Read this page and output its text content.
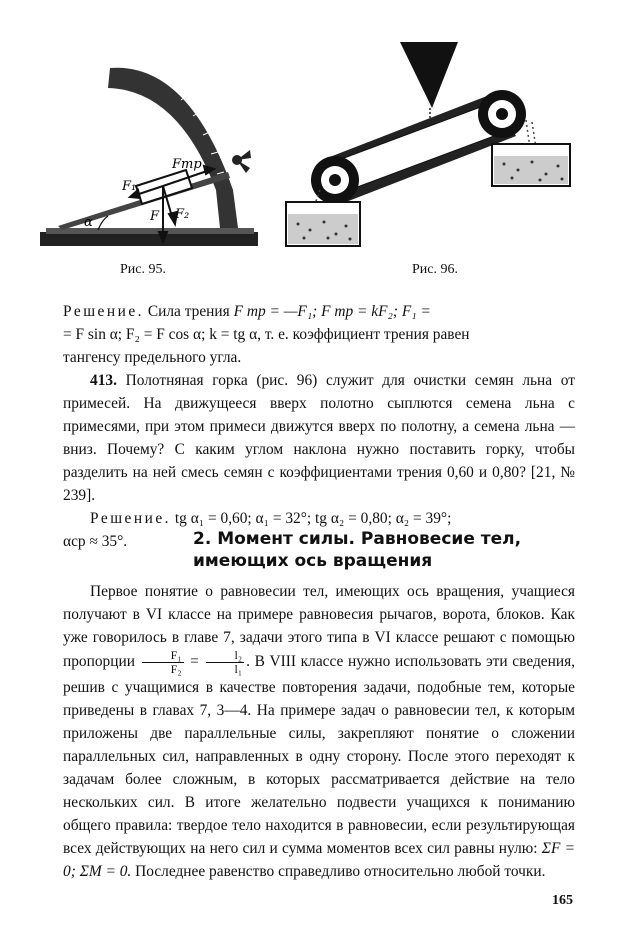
α	F F₂
F₁
Fmp
Рис. 95.	Рис. 96.

Решение. Сила трения F тр = —F₁; F тр = kF₂; F₁ =
= F sin α; F₂ = F cos α; k = tg α, т. е. коэффициент трения равен
тангенсу предельного угла.

413. Полотняная горка (рис. 96) служит для очистки семян льна от примесей. На движущееся вверх полотно сыплются семена льна с примесями, при этом примеси движутся вверх по полотну, а семена льна — вниз. Почему? С каким углом наклона нужно поставить горку, чтобы разделить на ней смесь семян с коэффициентами трения 0,60 и 0,80? [21, № 239].

Решение. tg α₁ = 0,60; α₁ = 32°; tg α₂ = 0,80; α₂ = 39°;
αср ≈ 35°.	2. Момент силы. Равновесие тел,
имеющих ось вращения

Первое понятие о равновесии тел, имеющих ось вращения, учащиеся получают в VI классе на примере равновесия рычагов, ворота, блоков. Как уже говорилось в главе 7, задачи этого типа в VI классе решают с помощью пропорции $\frac{\text{F₁}}{\text{F₂}} = \frac{\text{l₂}}{\text{l₁}}$ . В VIII классе нужно использовать эти сведения, решив с учащимися в качестве повторения задачи, подобные тем, которые приведены в главах 7, 3—4. На примере задач о равновесии тел, к которым приложены две параллельные силы, закрепляют понятие о сложении параллельных сил, направленных в одну сторону. После этого переходят к задачам более сложным, в которых рассматривается действие на тело нескольких сил. В итоге желательно подвести учащихся к пониманию общего правила: твердое тело находится в равновесии, если результирующая всех действующих на него сил и сумма моментов всех сил равны нулю: ΣF = 0; ΣM = 0. Последнее равенство справедливо относительно любой точки.

165
